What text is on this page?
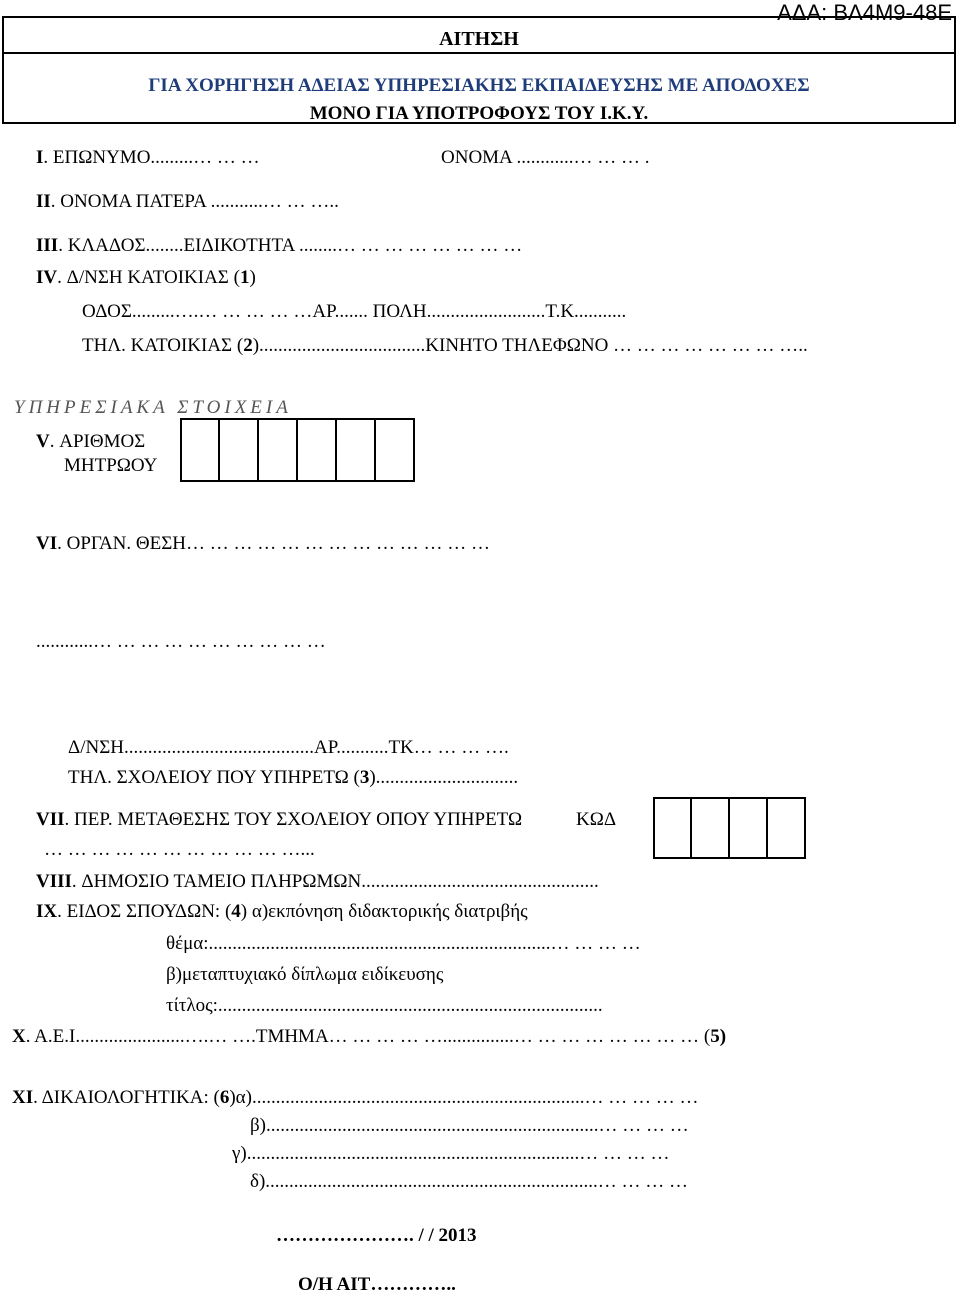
ΑΔΑ: ΒΛ4Μ9-48Ε
ΑΙΤΗΣΗ
ΓΙΑ ΧΟΡΗΓΗΣΗ ΑΔΕΙΑΣ ΥΠΗΡΕΣΙΑΚΗΣ ΕΚΠΑΙΔΕΥΣΗΣ ΜΕ ΑΠΟΔΟΧΕΣ
ΜΟΝΟ ΓΙΑ ΥΠΟΤΡΟΦΟΥΣ ΤΟΥ Ι.Κ.Υ.
Ι. ΕΠΩΝΥΜΟ.........… … …	ΟΝΟΜΑ ............… … … .
ΙΙ. ΟΝΟΜΑ ΠΑΤΕΡΑ ...........… … …..
ΙΙΙ. ΚΛΑΔΟΣ........ΕΙΔΙΚΟΤΗΤΑ ........… … … … … … … …
ΙV. Δ/ΝΣΗ ΚΑΤΟΙΚΙΑΣ (1)
ΟΔΟΣ.........….… … … … …ΑΡ....... ΠΟΛΗ.........................Τ.Κ...........
ΤΗΛ. ΚΑΤΟΙΚΙΑΣ (2)...................................ΚΙΝΗΤΟ ΤΗΛΕΦΩΝΟ … … … … … … … …..
ΥΠΗΡΕΣΙΑΚΑ ΣΤΟΙΧΕΙΑ
V. ΑΡΙΘΜΟΣ
ΜΗΤΡΩΟΥ
VI. ΟΡΓΑΝ. ΘΕΣΗ… … … … … … … … … … … … …
............… … … … … … … … … …
Δ/ΝΣΗ........................................ΑΡ...........ΤΚ… … … ….
ΤΗΛ. ΣΧΟΛΕΙΟΥ ΠΟΥ ΥΠΗΡΕΤΩ (3)..............................
VII. ΠΕΡ. ΜΕΤΑΘΕΣΗΣ ΤΟΥ ΣΧΟΛΕΙΟΥ ΟΠΟΥ ΥΠΗΡΕΤΩ	ΚΩΔ
… … … … … … … … … … …...
VIII. ΔΗΜΟΣΙΟ ΤΑΜΕΙΟ ΠΛΗΡΩΜΩΝ..................................................
ΙΧ. ΕΙΔΟΣ ΣΠΟΥΔΩΝ: (4) α)εκπόνηση διδακτορικής διατριβής
θέμα:........................................................................… … … …
β)μεταπτυχιακό δίπλωμα ειδίκευσης
τίτλος:.................................................................................
Χ. Α.Ε.Ι.......................….… ….ΤΜΗΜΑ… … … … …...............… … … … … … … … (5)
ΧΙ. ΔΙΚΑΙΟΛΟΓΗΤΙΚΑ: (6)α)......................................................................… … … … …
β)......................................................................… … … …
γ)......................................................................… … … …
δ)......................................................................… … … …
…………………. / / 2013
Ο/Η ΑΙΤ…………..
